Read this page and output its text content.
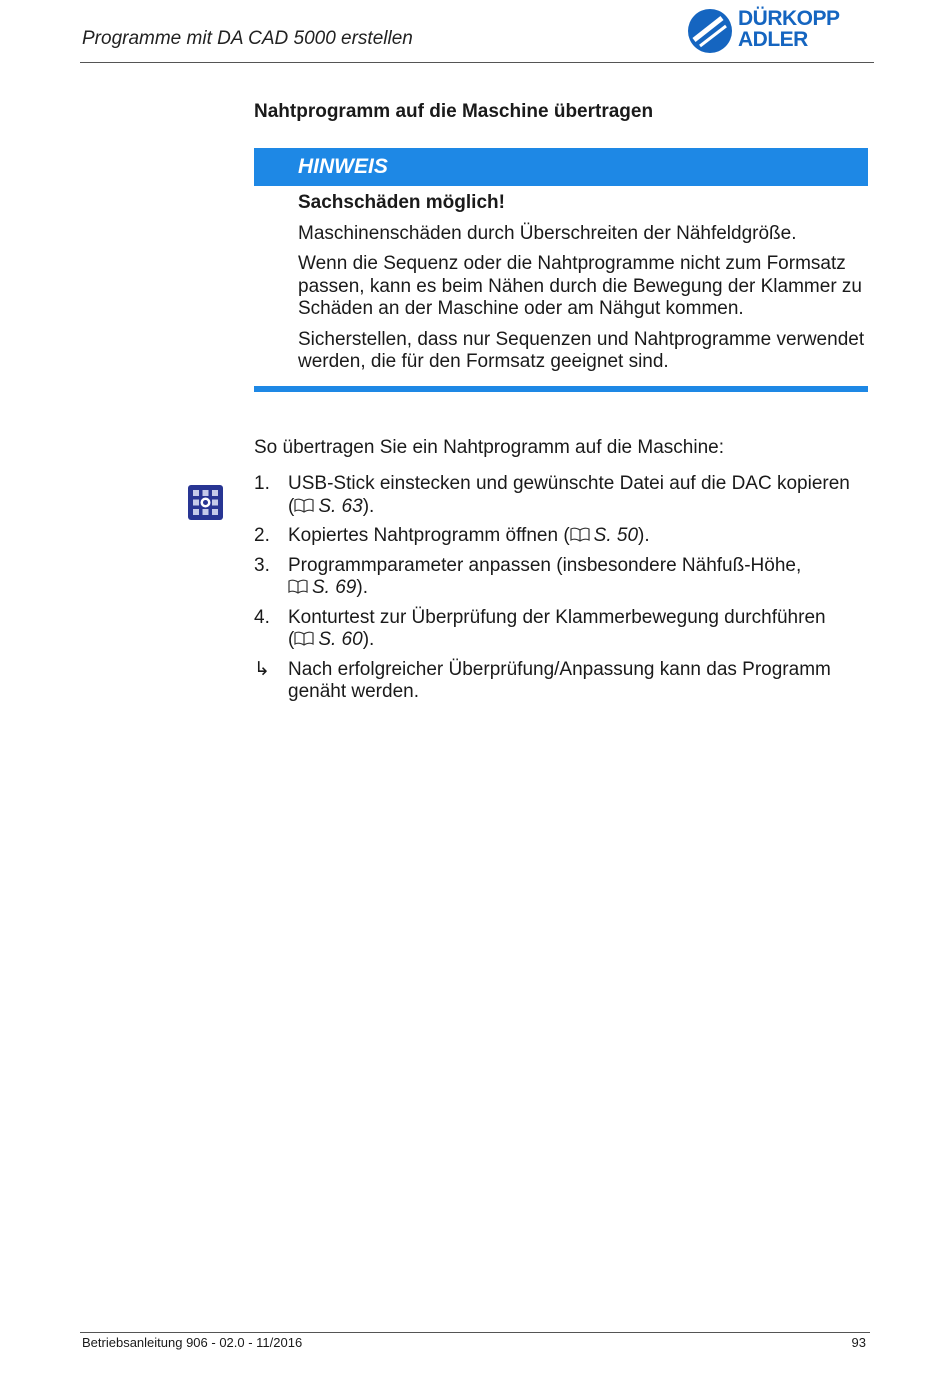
Programme mit DA CAD 5000 erstellen
DÜRKOPP
ADLER
Nahtprogramm auf die Maschine übertragen
HINWEIS
Sachschäden möglich!

Maschinenschäden durch Überschreiten der Nähfeldgröße.

Wenn die Sequenz oder die Nahtprogramme nicht zum Formsatz passen, kann es beim Nähen durch die Bewegung der Klammer zu Schäden an der Maschine oder am Nähgut kommen.

Sicherstellen, dass nur Sequenzen und Nahtprogramme verwendet werden, die für den Formsatz geeignet sind.

So übertragen Sie ein Nahtprogramm auf die Maschine:
1. USB-Stick einstecken und gewünschte Datei auf die DAC kopieren
( S. 63).
2. Kopiertes Nahtprogramm öffnen ( S. 50).
3. Programmparameter anpassen (insbesondere Nähfuß-Höhe,
S. 69).
4. Konturtest zur Überprüfung der Klammerbewegung durchführen
( S. 60).
↳ Nach erfolgreicher Überprüfung/Anpassung kann das Programm genäht werden.
Betriebsanleitung 906 - 02.0 - 11/2016	93
